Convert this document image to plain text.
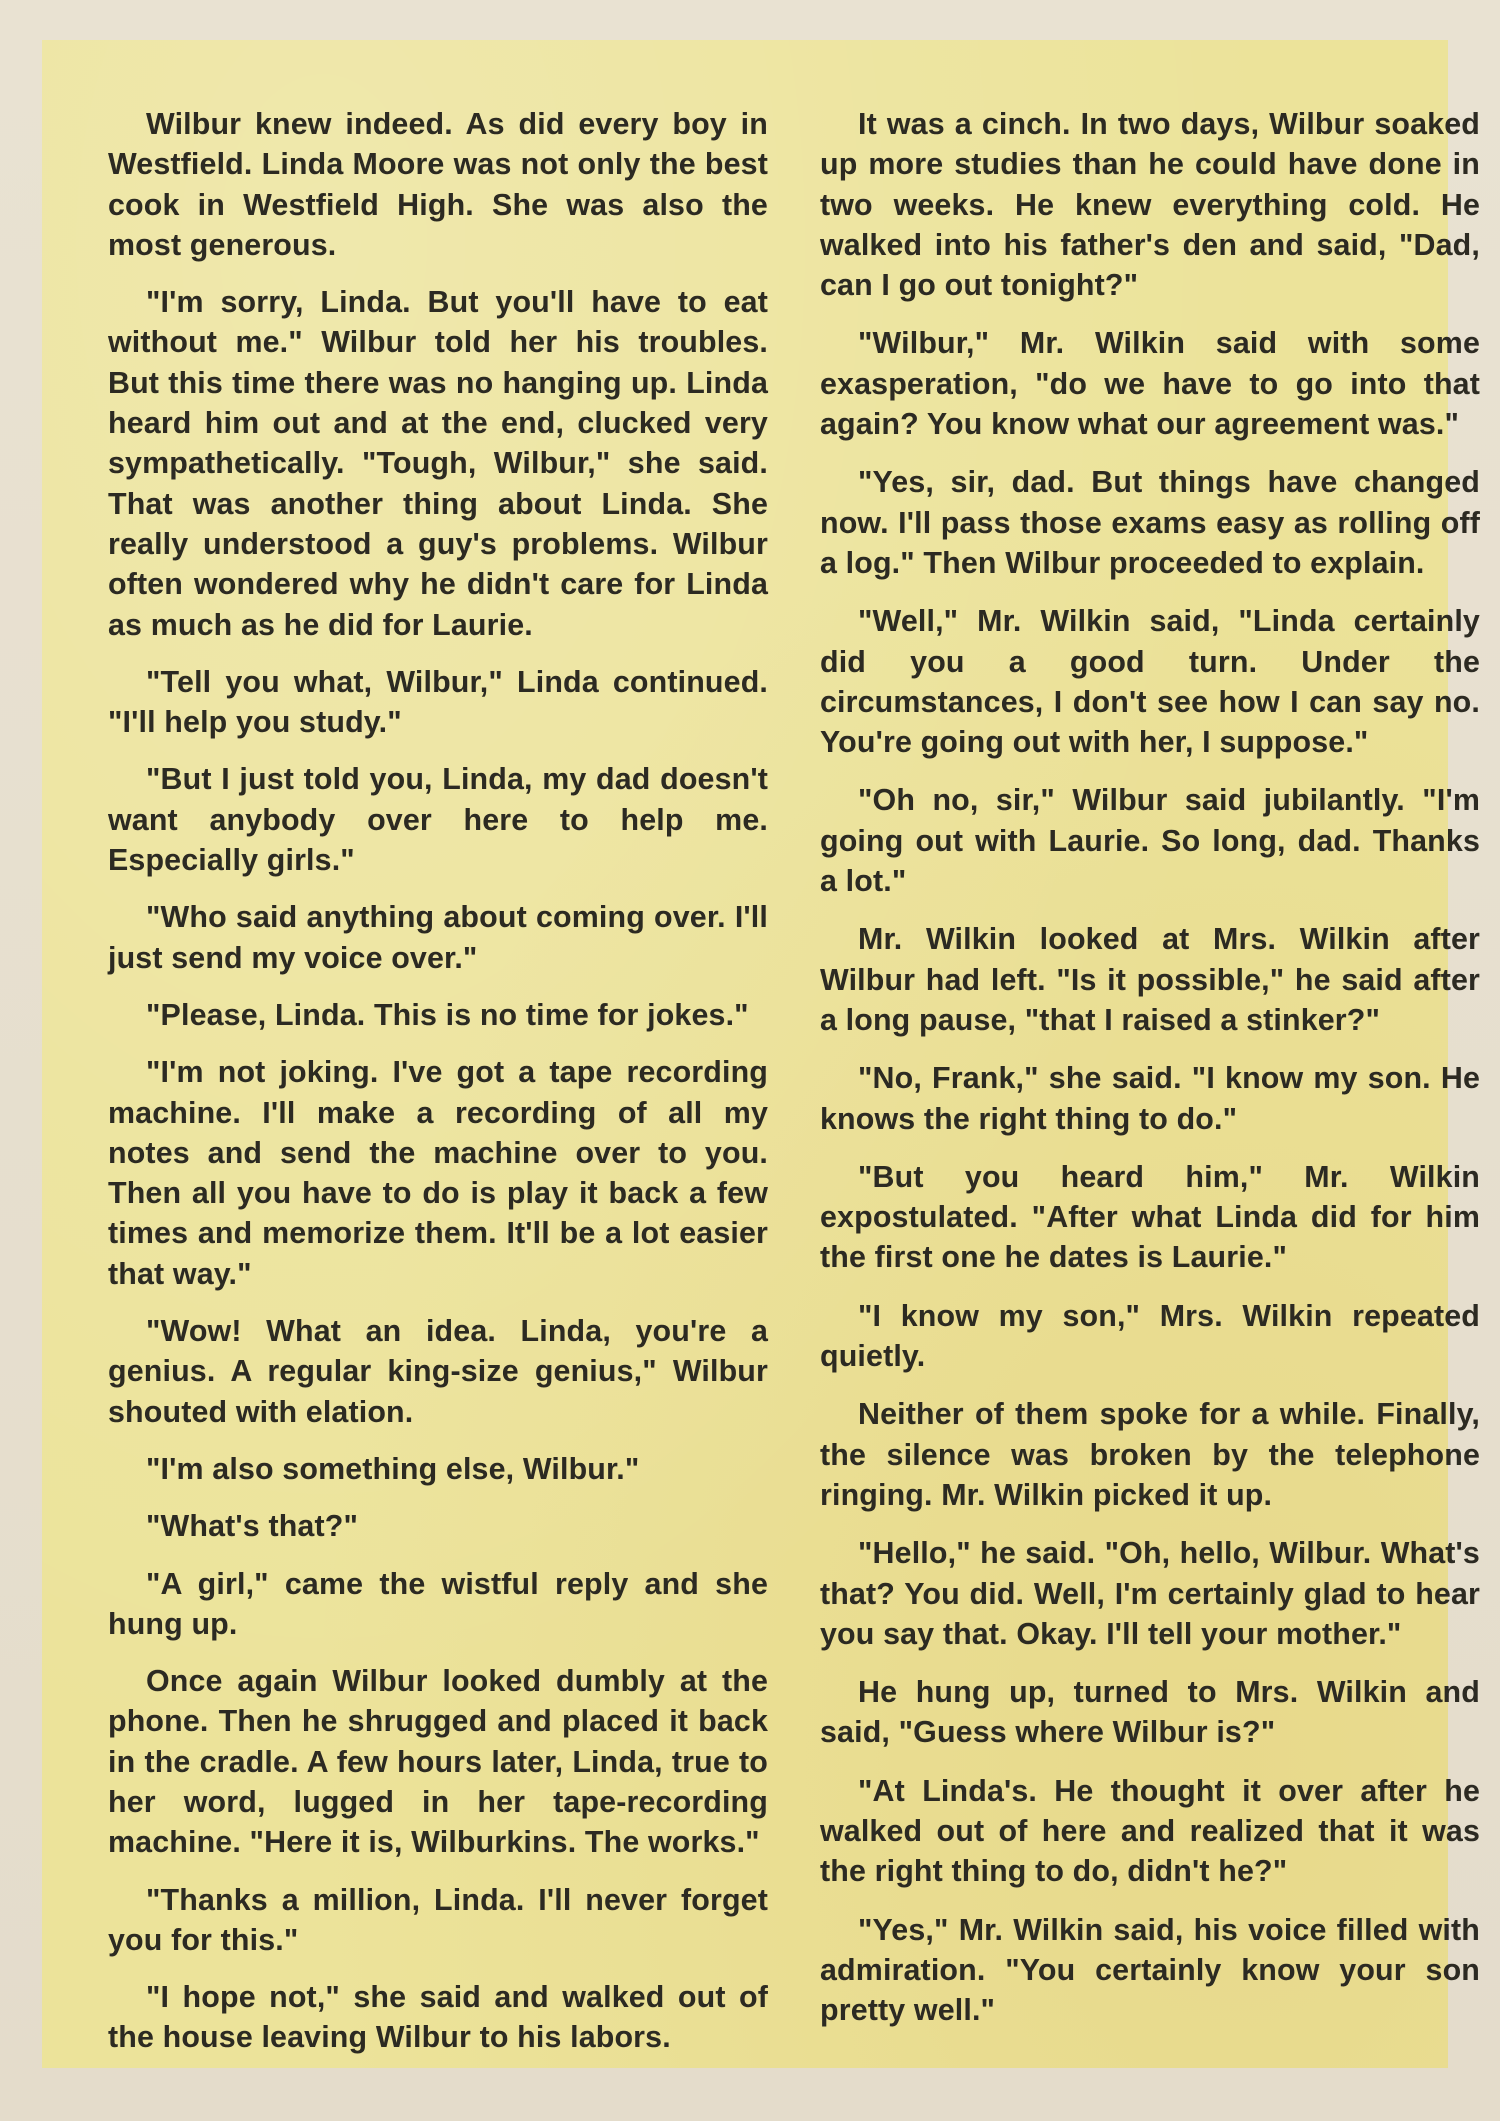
Wilbur knew indeed. As did every boy in Westfield. Linda Moore was not only the best cook in Westfield High. She was also the most generous.

"I'm sorry, Linda. But you'll have to eat without me." Wilbur told her his troubles. But this time there was no hanging up. Linda heard him out and at the end, clucked very sympathetically. "Tough, Wilbur," she said. That was another thing about Linda. She really understood a guy's problems. Wilbur often wondered why he didn't care for Linda as much as he did for Laurie.

"Tell you what, Wilbur," Linda continued. "I'll help you study."

"But I just told you, Linda, my dad doesn't want anybody over here to help me. Especially girls."

"Who said anything about coming over. I'll just send my voice over."

"Please, Linda. This is no time for jokes."

"I'm not joking. I've got a tape recording machine. I'll make a recording of all my notes and send the machine over to you. Then all you have to do is play it back a few times and memorize them. It'll be a lot easier that way."

"Wow! What an idea. Linda, you're a genius. A regular king-size genius," Wilbur shouted with elation.

"I'm also something else, Wilbur."

"What's that?"

"A girl," came the wistful reply and she hung up.

Once again Wilbur looked dumbly at the phone. Then he shrugged and placed it back in the cradle. A few hours later, Linda, true to her word, lugged in her tape-recording machine. "Here it is, Wilburkins. The works."

"Thanks a million, Linda. I'll never forget you for this."

"I hope not," she said and walked out of the house leaving Wilbur to his labors.

It was a cinch. In two days, Wilbur soaked up more studies than he could have done in two weeks. He knew everything cold. He walked into his father's den and said, "Dad, can I go out tonight?"

"Wilbur," Mr. Wilkin said with some exasperation, "do we have to go into that again? You know what our agreement was."

"Yes, sir, dad. But things have changed now. I'll pass those exams easy as rolling off a log." Then Wilbur proceeded to explain.

"Well," Mr. Wilkin said, "Linda certainly did you a good turn. Under the circumstances, I don't see how I can say no. You're going out with her, I suppose."

"Oh no, sir," Wilbur said jubilantly. "I'm going out with Laurie. So long, dad. Thanks a lot."

Mr. Wilkin looked at Mrs. Wilkin after Wilbur had left. "Is it possible," he said after a long pause, "that I raised a stinker?"

"No, Frank," she said. "I know my son. He knows the right thing to do."

"But you heard him," Mr. Wilkin expostulated. "After what Linda did for him the first one he dates is Laurie."

"I know my son," Mrs. Wilkin repeated quietly.

Neither of them spoke for a while. Finally, the silence was broken by the telephone ringing. Mr. Wilkin picked it up.

"Hello," he said. "Oh, hello, Wilbur. What's that? You did. Well, I'm certainly glad to hear you say that. Okay. I'll tell your mother."

He hung up, turned to Mrs. Wilkin and said, "Guess where Wilbur is?"

"At Linda's. He thought it over after he walked out of here and realized that it was the right thing to do, didn't he?"

"Yes," Mr. Wilkin said, his voice filled with admiration. "You certainly know your son pretty well."
